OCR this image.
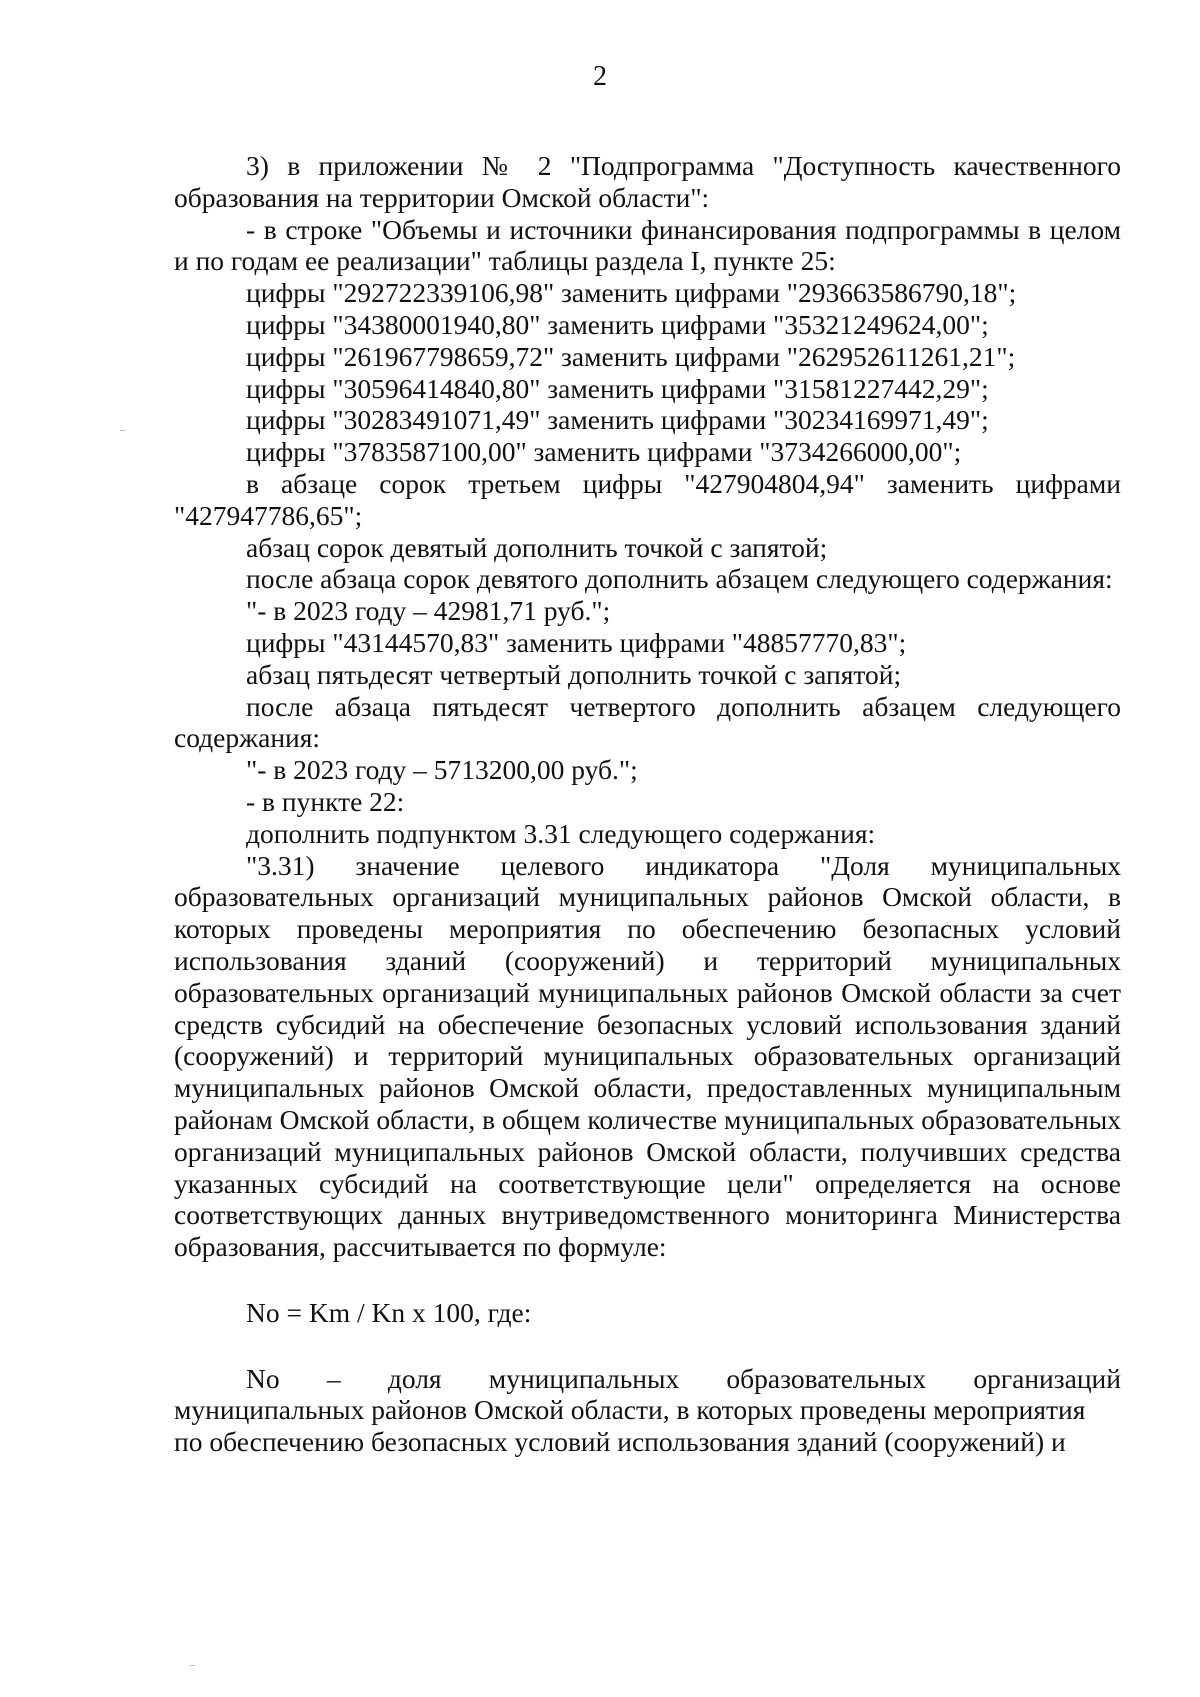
2

3) в приложении № 2 "Подпрограмма "Доступность качественного образования на территории Омской области":

- в строке "Объемы и источники финансирования подпрограммы в целом и по годам ее реализации" таблицы раздела I, пункте 25:

цифры "292722339106,98" заменить цифрами "293663586790,18";

цифры "34380001940,80" заменить цифрами "35321249624,00";

цифры "261967798659,72" заменить цифрами "262952611261,21";

цифры "30596414840,80" заменить цифрами "31581227442,29";

цифры "30283491071,49" заменить цифрами "30234169971,49";

цифры "3783587100,00" заменить цифрами "3734266000,00";

в абзаце сорок третьем цифры "427904804,94" заменить цифрами "427947786,65";

абзац сорок девятый дополнить точкой с запятой;

после абзаца сорок девятого дополнить абзацем следующего содержания:

"- в 2023 году – 42981,71 руб.";

цифры "43144570,83" заменить цифрами "48857770,83";

абзац пятьдесят четвертый дополнить точкой с запятой;

после абзаца пятьдесят четвертого дополнить абзацем следующего содержания:

"- в 2023 году – 5713200,00 руб.";

- в пункте 22:

дополнить подпунктом 3.31 следующего содержания:

"3.31) значение целевого индикатора "Доля муниципальных образовательных организаций муниципальных районов Омской области, в которых проведены мероприятия по обеспечению безопасных условий использования зданий (сооружений) и территорий муниципальных образовательных организаций муниципальных районов Омской области за счет средств субсидий на обеспечение безопасных условий использования зданий (сооружений) и территорий муниципальных образовательных организаций муниципальных районов Омской области, предоставленных муниципальным районам Омской области, в общем количестве муниципальных образовательных организаций муниципальных районов Омской области, получивших средства указанных субсидий на соответствующие цели" определяется на основе соответствующих данных внутриведомственного мониторинга Министерства образования, рассчитывается по формуле:

No = Km / Kn x 100, где:

No – доля муниципальных образовательных организаций

муниципальных районов Омской области, в которых проведены мероприятия

по обеспечению безопасных условий использования зданий (сооружений) и
